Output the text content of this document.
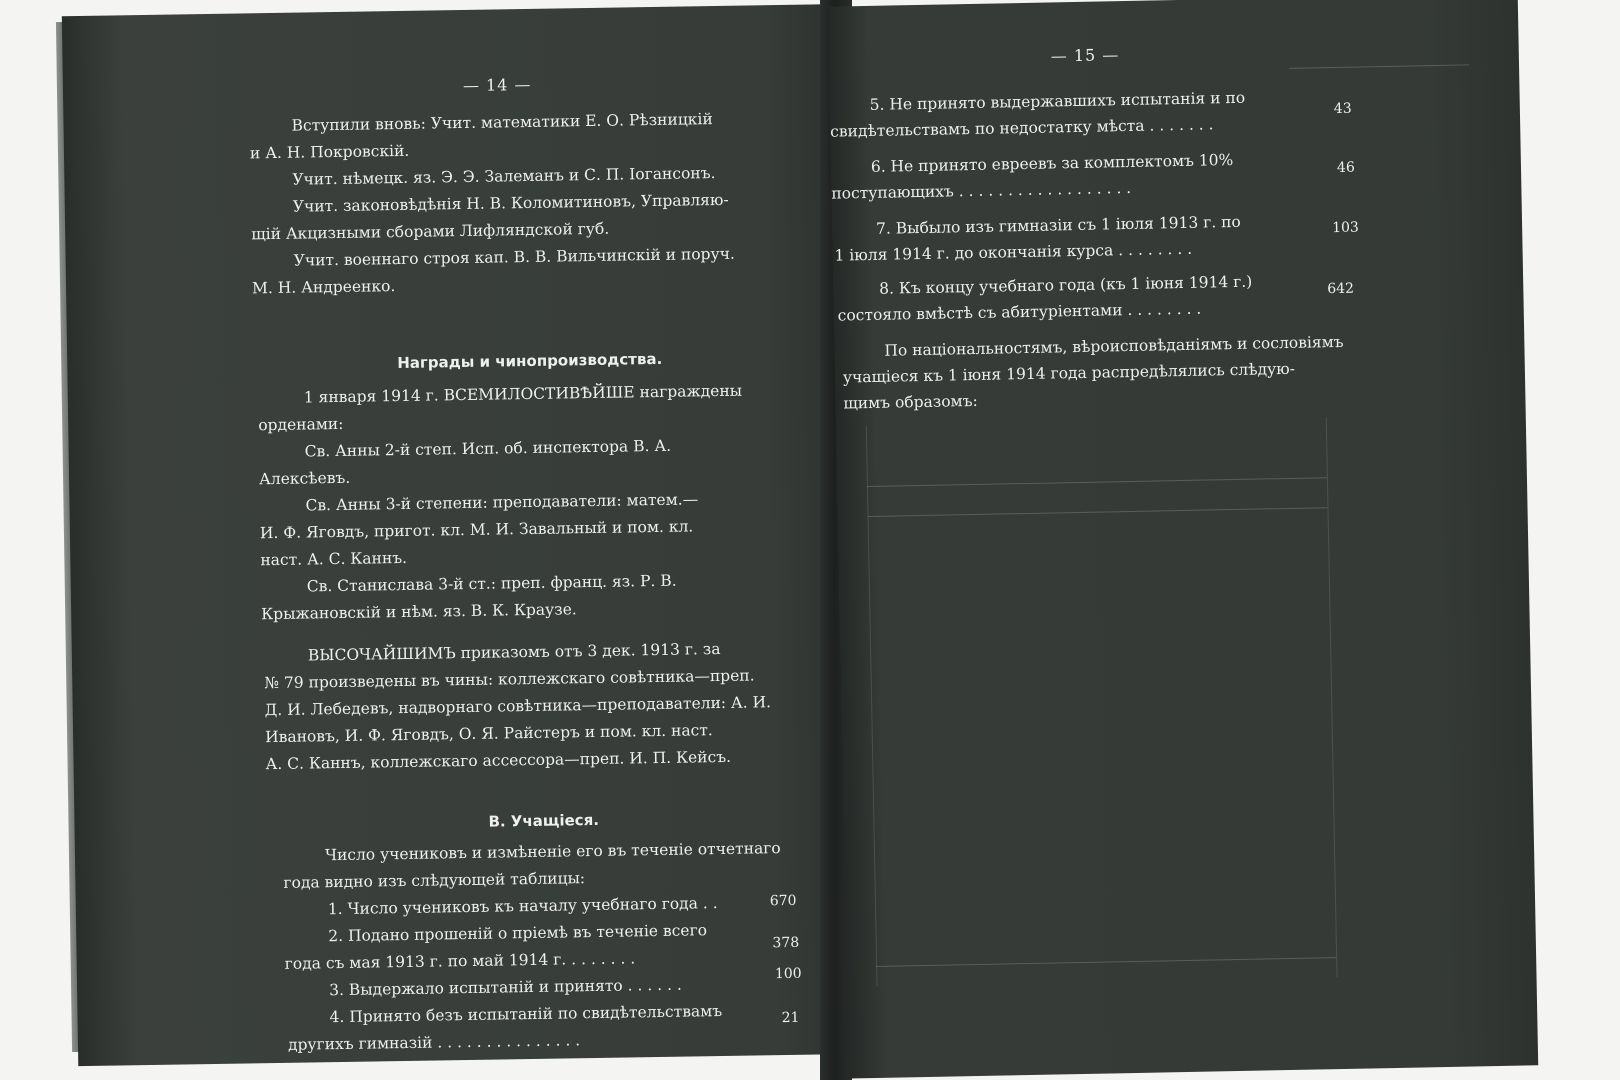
— 14 —
Вступили вновь: Учит. математики Е. О. Рѣзницкій
и А. Н. Покровскій.
Учит. нѣмецк. яз. Э. Э. Залеманъ и С. П. Іогансонъ.
Учит. законовѣдѣнія Н. В. Коломитиновъ, Управляю-
щій Акцизными сборами Лифляндской губ.
Учит. военнаго строя кап. В. В. Вильчинскій и поруч.
М. Н. Андреенко.
Награды и чинопроизводства.
1 января 1914 г. ВСЕМИЛОСТИВѢЙШЕ награждены
орденами:
Св. Анны 2-й степ. Исп. об. инспектора В. А.
Алексѣевъ.
Св. Анны 3-й степени: преподаватели: матем.—
И. Ф. Яговдъ, пригот. кл. М. И. Завальный и пом. кл.
наст. А. С. Каннъ.
Св. Станислава 3-й ст.: преп. франц. яз. Р. В.
Крыжановскій и нѣм. яз. В. К. Краузе.
ВЫСОЧАЙШИМЪ приказомъ отъ 3 дек. 1913 г. за
№ 79 произведены въ чины: коллежскаго совѣтника—преп.
Д. И. Лебедевъ, надворнаго совѣтника—преподаватели: А. И.
Ивановъ, И. Ф. Яговдъ, О. Я. Райстеръ и пом. кл. наст.
А. С. Каннъ, коллежскаго ассессора—преп. И. П. Кейсъ.
В. Учащіеся.
Число учениковъ и измѣненіе его въ теченіе отчетнаго
года видно изъ слѣдующей таблицы:
1. Число учениковъ къ началу учебнаго года . .	670
2. Подано прошеній о пріемѣ въ теченіе всего
года съ мая 1913 г. по май 1914 г. . . . . . . .
378
3. Выдержало испытаній и принято . . . . . .
100
4. Принято безъ испытаній по свидѣтельствамъ
другихъ гимназій . . . . . . . . . . . . . . .
21
— 15 —
5. Не принято выдержавшихъ испытанія и по
свидѣтельствамъ по недостатку мѣста . . . . . . .
43
6. Не принято евреевъ за комплектомъ 10%
поступающихъ . . . . . . . . . . . . . . . . . .
46
7. Выбыло изъ гимназіи съ 1 іюля 1913 г. по
1 іюля 1914 г. до окончанія курса . . . . . . . .
103
8. Къ концу учебнаго года (къ 1 іюня 1914 г.)
состояло вмѣстѣ съ абитуріентами . . . . . . . .
642
По національностямъ, вѣроисповѣданіямъ и сословіямъ
учащіеся къ 1 іюня 1914 года распредѣлялись слѣдую-
щимъ образомъ:
